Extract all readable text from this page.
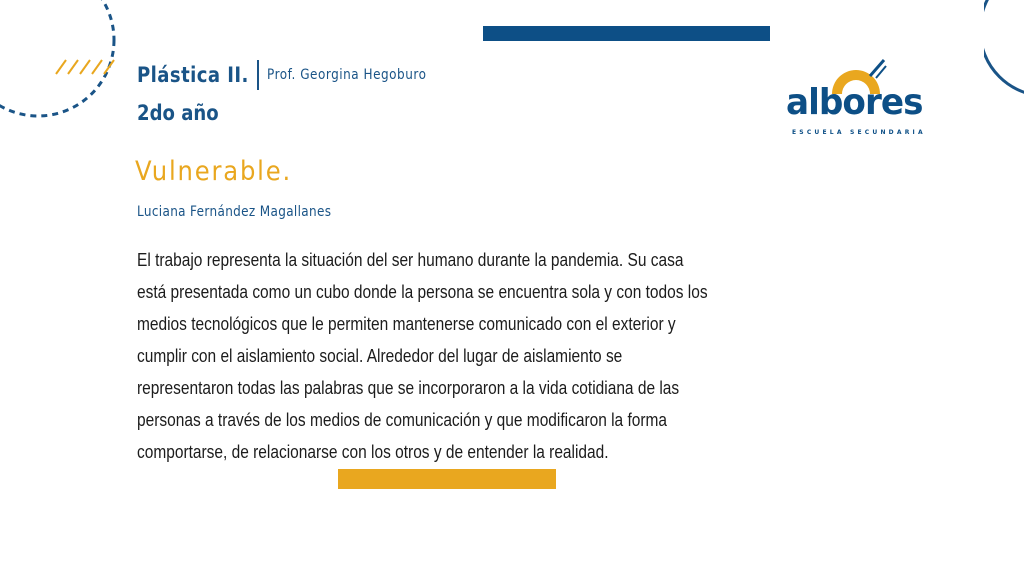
Plástica II. Prof. Georgina Hegoburo
2do año
Vulnerable.
Luciana Fernández Magallanes
El trabajo representa la situación del ser humano durante la pandemia. Su casa
está presentada como un cubo donde la persona se encuentra sola y con todos los
medios tecnológicos que le permiten mantenerse comunicado con el exterior y
cumplir con el aislamiento social. Alrededor del lugar de aislamiento se
representaron todas las palabras que se incorporaron a la vida cotidiana de las
personas a través de los medios de comunicación y que modificaron la forma
comportarse, de relacionarse con los otros y de entender la realidad.
albores
ESCUELA SECUNDARIA
